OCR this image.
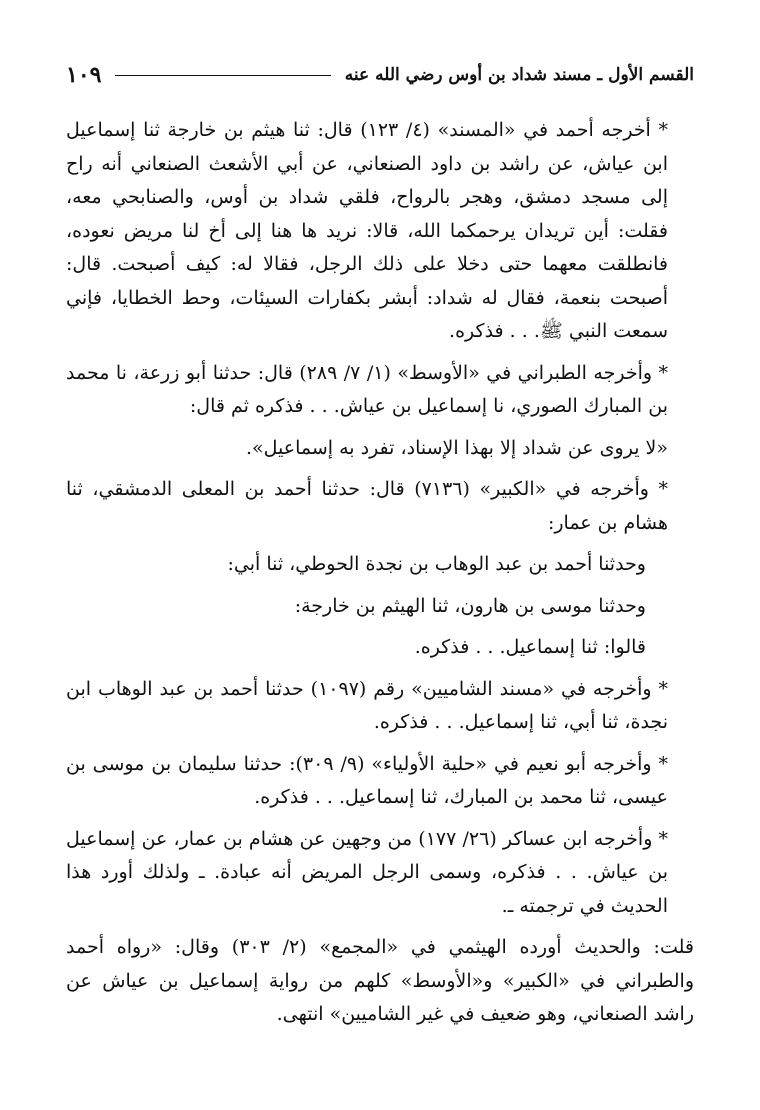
القسم الأول ـ مسند شداد بن أوس رضي الله عنه
١٠٩

* أخرجه أحمد في «المسند» (٤/ ١٢٣) قال: ثنا هيثم بن خارجة ثنا إسماعيل ابن عياش، عن راشد بن داود الصنعاني، عن أبي الأشعث الصنعاني أنه راح إلى مسجد دمشق، وهجر بالرواح، فلقي شداد بن أوس، والصنابحي معه، فقلت: أين تريدان يرحمكما الله، قالا: نريد ها هنا إلى أخ لنا مريض نعوده، فانطلقت معهما حتى دخلا على ذلك الرجل، فقالا له: كيف أصبحت. قال: أصبحت بنعمة، فقال له شداد: أبشر بكفارات السيئات، وحط الخطايا، فإني سمعت النبي ﷺ. . . فذكره.

* وأخرجه الطبراني في «الأوسط» (١/ ٧/ ٢٨٩) قال: حدثنا أبو زرعة، نا محمد بن المبارك الصوري، نا إسماعيل بن عياش. . . فذكره ثم قال:

«لا يروى عن شداد إلا بهذا الإسناد، تفرد به إسماعيل».

* وأخرجه في «الكبير» (٧١٣٦) قال: حدثنا أحمد بن المعلى الدمشقي، ثنا هشام بن عمار:

وحدثنا أحمد بن عبد الوهاب بن نجدة الحوطي، ثنا أبي:

وحدثنا موسى بن هارون، ثنا الهيثم بن خارجة:

قالوا: ثنا إسماعيل. . . فذكره.

* وأخرجه في «مسند الشاميين» رقم (١٠٩٧) حدثنا أحمد بن عبد الوهاب ابن نجدة، ثنا أبي، ثنا إسماعيل. . . فذكره.

* وأخرجه أبو نعيم في «حلية الأولياء» (٩/ ٣٠٩): حدثنا سليمان بن موسى بن عيسى، ثنا محمد بن المبارك، ثنا إسماعيل. . . فذكره.

* وأخرجه ابن عساكر (٢٦/ ١٧٧) من وجهين عن هشام بن عمار، عن إسماعيل بن عياش. . . فذكره، وسمى الرجل المريض أنه عبادة. ـ ولذلك أورد هذا الحديث في ترجمته ـ.

قلت: والحديث أورده الهيثمي في «المجمع» (٢/ ٣٠٣) وقال: «رواه أحمد والطبراني في «الكبير» و«الأوسط» كلهم من رواية إسماعيل بن عياش عن راشد الصنعاني، وهو ضعيف في غير الشاميين» انتهى.
